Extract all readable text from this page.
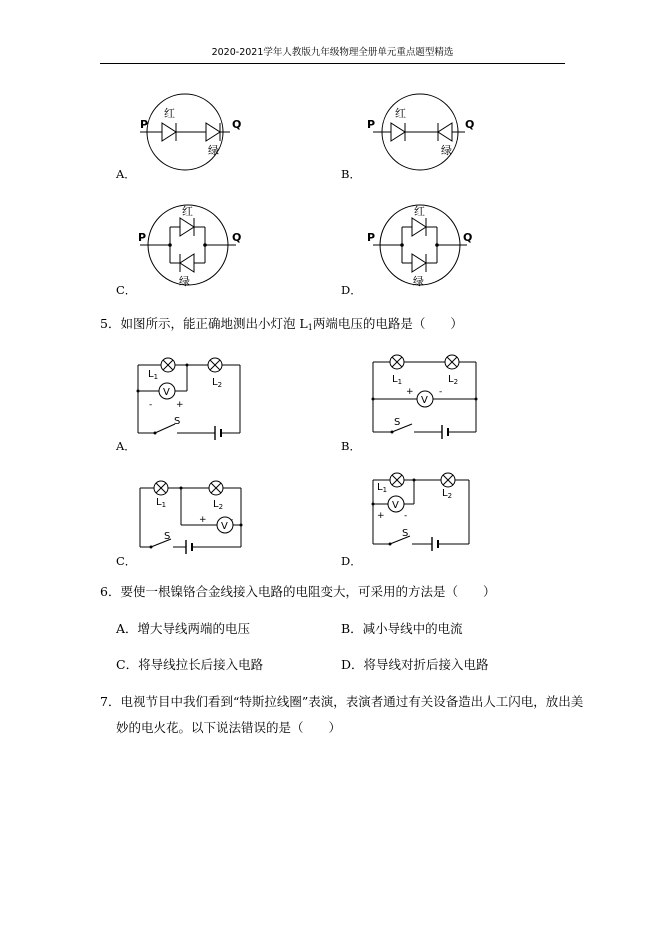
2020-2021学年人教版九年级物理全册单元重点题型精选
P	Q
红
绿
A．
P	Q
红
绿
B．
P	Q
红
绿
C．
P	Q
红
绿
D．
5．如图所示，能正确地测出小灯泡 $L_1$两端电压的电路是（　　）
V
-	+
$L_1$	$L_2$
S
A．
V
+	-
$L_1$	$L_2$
S
B．
V
+	-
$L_1$	$L_2$
S
C．
V
+ -
$L_1$	$L_2$
S
D．
6．要使一根镍铬合金线接入电路的电阻变大，可采用的方法是（　　）
A．增大导线两端的电压	B．减小导线中的电流
C．将导线拉长后接入电路	D．将导线对折后接入电路
7．电视节目中我们看到“特斯拉线圈”表演，表演者通过有关设备造出人工闪电，放出美
妙的电火花。以下说法错误的是（　　）
